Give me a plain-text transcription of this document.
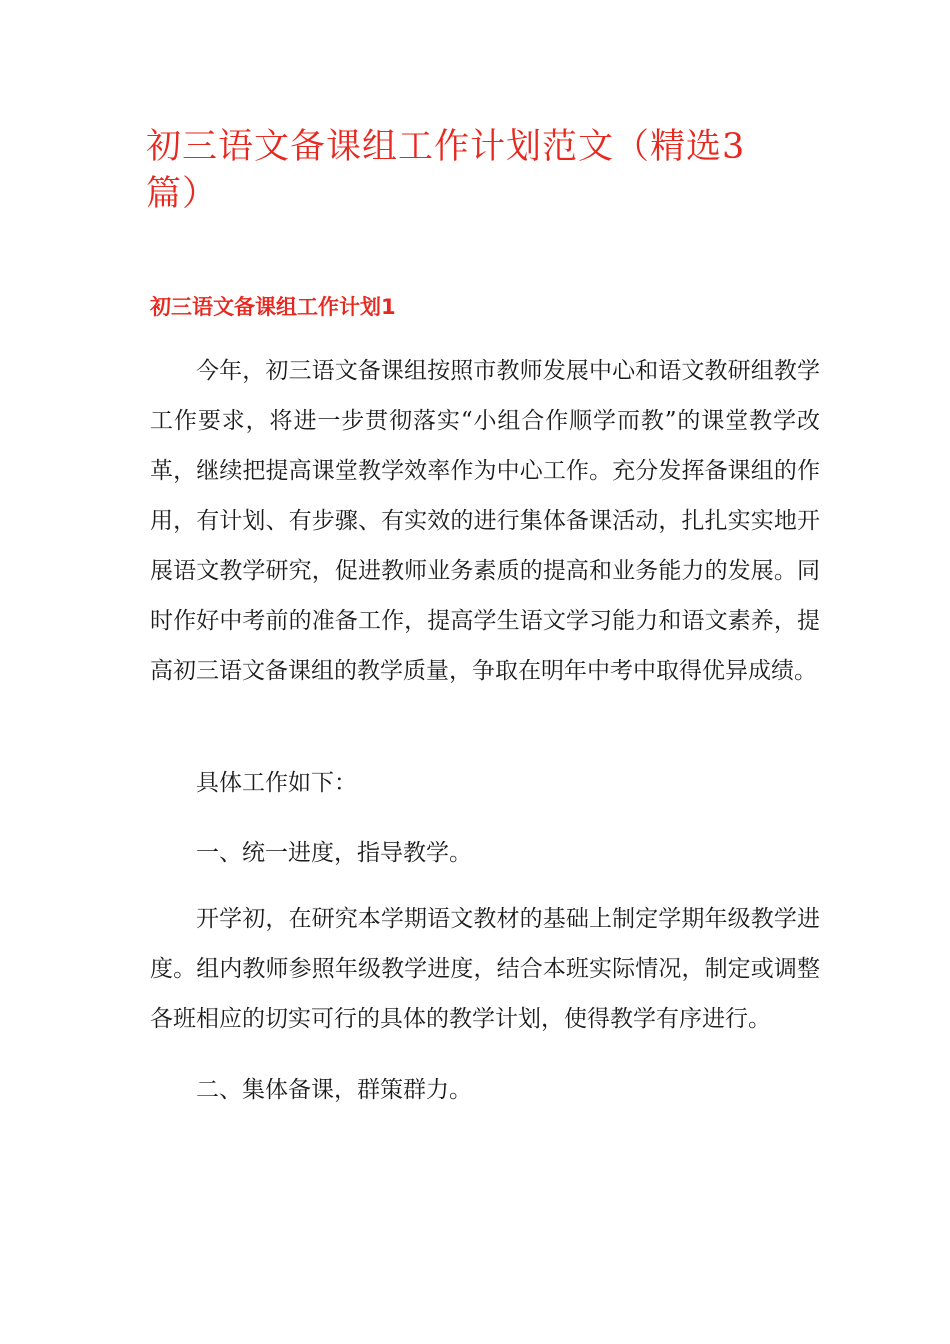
初三语文备课组工作计划范文（精选3篇）
初三语文备课组工作计划1

今年，初三语文备课组按照市教师发展中心和语文教研组教学工作要求，将进一步贯彻落实“小组合作顺学而教”的课堂教学改革，继续把提高课堂教学效率作为中心工作。充分发挥备课组的作用，有计划、有步骤、有实效的进行集体备课活动，扎扎实实地开展语文教学研究，促进教师业务素质的提高和业务能力的发展。同时作好中考前的准备工作，提高学生语文学习能力和语文素养，提高初三语文备课组的教学质量，争取在明年中考中取得优异成绩。

具体工作如下：

一、统一进度，指导教学。

开学初，在研究本学期语文教材的基础上制定学期年级教学进度。组内教师参照年级教学进度，结合本班实际情况，制定或调整各班相应的切实可行的具体的教学计划，使得教学有序进行。

二、集体备课，群策群力。
